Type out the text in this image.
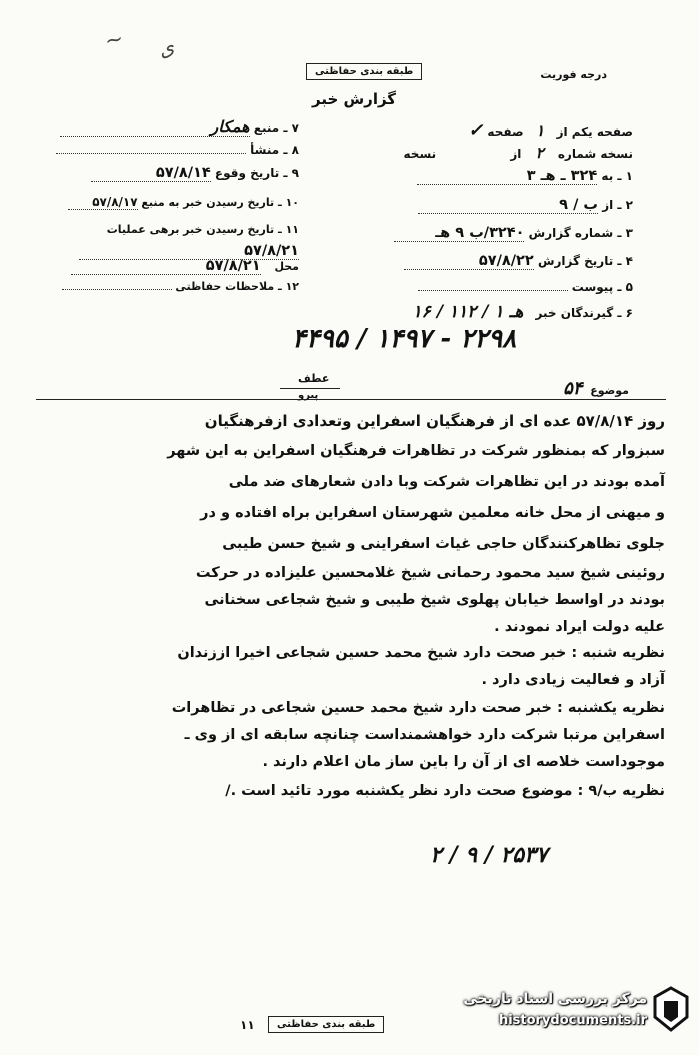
~ ی
طبقه بندی حفاظتی	درجه فوریت
گزارش خبر
۷ ـ منبع همکار
۸ ـ منشأ
۹ ـ تاریخ وقوع ۵۷/۸/۱۴
۱۰ ـ تاریخ رسیدن خبر به منبع ۵۷/۸/۱۷
۱۱ ـ تاریخ رسیدن خبر برهی عملیات
۵۷/۸/۲۱
محل ۵۷/۸/۲۱
۱۲ ـ ملاحظات حفاظتی
صفحه یکم از ۱ صفحه ✓
نسخه شماره ۲ از نسخه
۱ ـ به ۳۲۴ ـ هـ ۳
۲ ـ از ب / ۹
۳ ـ شماره گزارش ۳۲۴۰/ب ۹ هـ
۴ ـ تاریخ گزارش ۵۷/۸/۲۲
۵ ـ پیوست
۶ ـ گیرندگان خبر هـ ۱ / ۱۱۲ / ۱۶
۲۲۹۸ - ۱۴۹۷ / ۴۴۹۵
عطف
پیرو	موضوع ۵۴
روز ۵۷/۸/۱۴ عده ای از فرهنگیان اسفراین وتعدادی ازفرهنگیان
سبزوار که بمنظور شرکت در تظاهرات فرهنگیان اسفراین به این شهر
آمده بودند در این تظاهرات شرکت وبا دادن شعارهای ضد ملی
و میهنی از محل خانه معلمین شهرستان اسفراین براه افتاده و در
جلوی تظاهرکنندگان حاجی غیاث اسفراینی و شیخ حسن طیبی
روئینی شیخ سید محمود رحمانی شیخ غلامحسین علیزاده در حرکت
بودند در اواسط خیابان پهلوی شیخ طیبی و شیخ شجاعی سخنانی
علیه دولت ایراد نمودند .
نظریه شنبه : خبر صحت دارد شیخ محمد حسین شجاعی اخیرا اززندان
آزاد و فعالیت زیادی دارد .
نظریه یکشنبه : خبر صحت دارد شیخ محمد حسین شجاعی در تظاهرات
اسفراین مرتبا شرکت دارد خواهشمنداست چنانچه سابقه ای از وی ـ
موجوداست خلاصه ای از آن را باین ساز مان اعلام دارند .
نظریه ب/۹ : موضوع صحت دارد نظر یکشنبه مورد تائید است ./
۲۵۳۷ / ۹ / ۲
۱۱	طبقه بندی حفاظتی
مرکز بررسی اسناد تاریخی
historydocuments.ir
